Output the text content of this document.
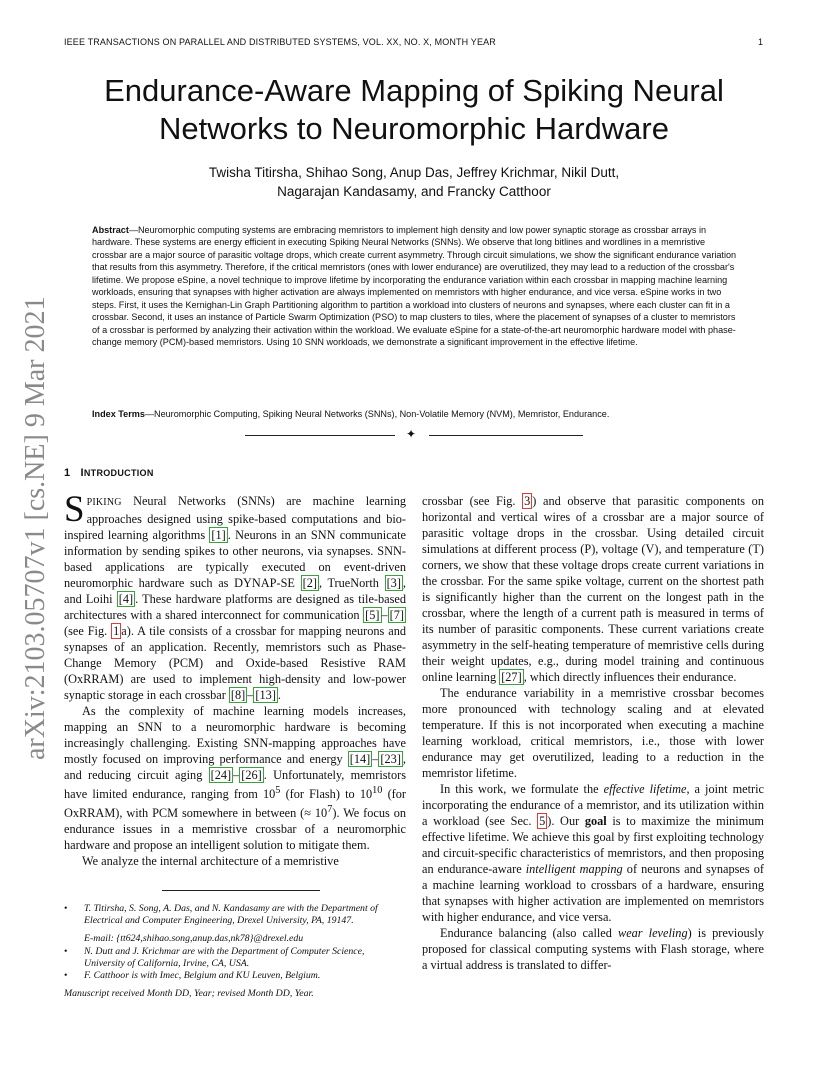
IEEE TRANSACTIONS ON PARALLEL AND DISTRIBUTED SYSTEMS, VOL. XX, NO. X, MONTH YEAR	1
arXiv:2103.05707v1 [cs.NE] 9 Mar 2021
Endurance-Aware Mapping of Spiking Neural
Networks to Neuromorphic Hardware
Twisha Titirsha, Shihao Song, Anup Das, Jeffrey Krichmar, Nikil Dutt,
Nagarajan Kandasamy, and Francky Catthoor
Abstract—Neuromorphic computing systems are embracing memristors to implement high density and low power synaptic storage as crossbar arrays in hardware. These systems are energy efficient in executing Spiking Neural Networks (SNNs). We observe that long bitlines and wordlines in a memristive crossbar are a major source of parasitic voltage drops, which create current asymmetry. Through circuit simulations, we show the significant endurance variation that results from this asymmetry. Therefore, if the critical memristors (ones with lower endurance) are overutilized, they may lead to a reduction of the crossbar's lifetime. We propose eSpine, a novel technique to improve lifetime by incorporating the endurance variation within each crossbar in mapping machine learning workloads, ensuring that synapses with higher activation are always implemented on memristors with higher endurance, and vice versa. eSpine works in two steps. First, it uses the Kernighan-Lin Graph Partitioning algorithm to partition a workload into clusters of neurons and synapses, where each cluster can fit in a crossbar. Second, it uses an instance of Particle Swarm Optimization (PSO) to map clusters to tiles, where the placement of synapses of a cluster to memristors of a crossbar is performed by analyzing their activation within the workload. We evaluate eSpine for a state-of-the-art neuromorphic hardware model with phase-change memory (PCM)-based memristors. Using 10 SNN workloads, we demonstrate a significant improvement in the effective lifetime.
Index Terms—Neuromorphic Computing, Spiking Neural Networks (SNNs), Non-Volatile Memory (NVM), Memristor, Endurance.
✦
1 INTRODUCTION

SPIKING Neural Networks (SNNs) are machine learning approaches designed using spike-based computations and bio-inspired learning algorithms [1] . Neurons in an SNN communicate information by sending spikes to other neurons, via synapses. SNN-based applications are typically executed on event-driven neuromorphic hardware such as DYNAP-SE [2] , TrueNorth [3] , and Loihi [4] . These hardware platforms are designed as tile-based architectures with a shared interconnect for communication [5] – [7] (see Fig. 1 a). A tile consists of a crossbar for mapping neurons and synapses of an application. Recently, memristors such as Phase-Change Memory (PCM) and Oxide-based Resistive RAM (OxRRAM) are used to implement high-density and low-power synaptic storage in each crossbar [8] – [13] .

As the complexity of machine learning models increases, mapping an SNN to a neuromorphic hardware is becoming increasingly challenging. Existing SNN-mapping approaches have mostly focused on improving performance and energy [14] – [23] , and reducing circuit aging [24] – [26] . Unfortunately, memristors have limited endurance, ranging from $10^5$ (for Flash) to $10^{10}$ (for OxRRAM), with PCM somewhere in between (≈ $10^7$). We focus on endurance issues in a memristive crossbar of a neuromorphic hardware and propose an intelligent solution to mitigate them.

We analyze the internal architecture of a memristive

• T. Titirsha, S. Song, A. Das, and N. Kandasamy are with the Department of Electrical and Computer Engineering, Drexel University, PA, 19147.

E-mail: {tt624,shihao.song,anup.das,nk78}@drexel.edu

• N. Dutt and J. Krichmar are with the Department of Computer Science, University of California, Irvine, CA, USA.

• F. Catthoor is with Imec, Belgium and KU Leuven, Belgium.

Manuscript received Month DD, Year; revised Month DD, Year.

crossbar (see Fig. 3 ) and observe that parasitic components on horizontal and vertical wires of a crossbar are a major source of parasitic voltage drops in the crossbar. Using detailed circuit simulations at different process (P), voltage (V), and temperature (T) corners, we show that these voltage drops create current variations in the crossbar. For the same spike voltage, current on the shortest path is significantly higher than the current on the longest path in the crossbar, where the length of a current path is measured in terms of its number of parasitic components. These current variations create asymmetry in the self-heating temperature of memristive cells during their weight updates, e.g., during model training and continuous online learning [27] , which directly influences their endurance.

The endurance variability in a memristive crossbar becomes more pronounced with technology scaling and at elevated temperature. If this is not incorporated when executing a machine learning workload, critical memristors, i.e., those with lower endurance may get overutilized, leading to a reduction in the memristor lifetime.

In this work, we formulate the effective lifetime, a joint metric incorporating the endurance of a memristor, and its utilization within a workload (see Sec. 5 ). Our goal is to maximize the minimum effective lifetime. We achieve this goal by first exploiting technology and circuit-specific characteristics of memristors, and then proposing an endurance-aware intelligent mapping of neurons and synapses of a machine learning workload to crossbars of a hardware, ensuring that synapses with higher activation are implemented on memristors with higher endurance, and vice versa.

Endurance balancing (also called wear leveling) is previously proposed for classical computing systems with Flash storage, where a virtual address is translated to differ-
